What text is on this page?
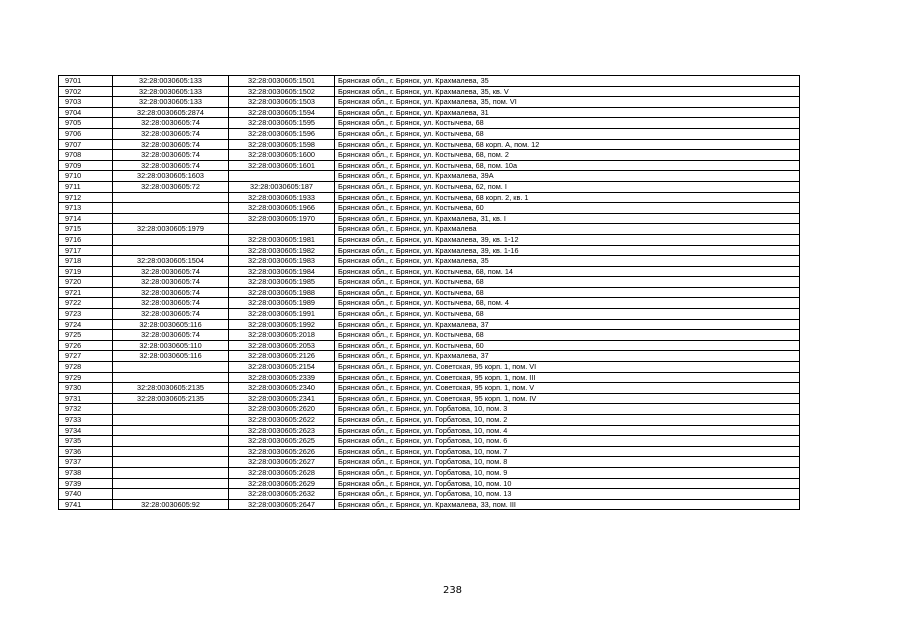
9701	32:28:0030605:133	32:28:0030605:1501	Брянская обл., г. Брянск, ул. Крахмалева, 35
9702	32:28:0030605:133	32:28:0030605:1502	Брянская обл., г. Брянск, ул. Крахмалева, 35, кв. V
9703	32:28:0030605:133	32:28:0030605:1503	Брянская обл., г. Брянск, ул. Крахмалева, 35, пом. VI
9704	32:28:0030605:2874	32:28:0030605:1594	Брянская обл., г. Брянск, ул. Крахмалева, 31
9705	32:28:0030605:74	32:28:0030605:1595	Брянская обл., г. Брянск, ул. Костычева, 68
9706	32:28:0030605:74	32:28:0030605:1596	Брянская обл., г. Брянск, ул. Костычева, 68
9707	32:28:0030605:74	32:28:0030605:1598	Брянская обл., г. Брянск, ул. Костычева, 68 корп. А, пом. 12
9708	32:28:0030605:74	32:28:0030605:1600	Брянская обл., г. Брянск, ул. Костычева, 68, пом. 2
9709	32:28:0030605:74	32:28:0030605:1601	Брянская обл., г. Брянск, ул. Костычева, 68, пом. 10а
9710	32:28:0030605:1603		Брянская обл., г. Брянск, ул. Крахмалева, 39А
9711	32:28:0030605:72	32:28:0030605:187	Брянская обл., г. Брянск, ул. Костычева, 62, пом. I
9712		32:28:0030605:1933	Брянская обл., г. Брянск, ул. Костычева, 68 корп. 2, кв. 1
9713		32:28:0030605:1966	Брянская обл., г. Брянск, ул. Костычева, 60
9714		32:28:0030605:1970	Брянская обл., г. Брянск, ул. Крахмалева, 31, кв. I
9715	32:28:0030605:1979		Брянская обл., г. Брянск, ул. Крахмалева
9716		32:28:0030605:1981	Брянская обл., г. Брянск, ул. Крахмалева, 39, кв. 1-12
9717		32:28:0030605:1982	Брянская обл., г. Брянск, ул. Крахмалева, 39, кв. 1-16
9718	32:28:0030605:1504	32:28:0030605:1983	Брянская обл., г. Брянск, ул. Крахмалева, 35
9719	32:28:0030605:74	32:28:0030605:1984	Брянская обл., г. Брянск, ул. Костычева, 68, пом. 14
9720	32:28:0030605:74	32:28:0030605:1985	Брянская обл., г. Брянск, ул. Костычева, 68
9721	32:28:0030605:74	32:28:0030605:1988	Брянская обл., г. Брянск, ул. Костычева, 68
9722	32:28:0030605:74	32:28:0030605:1989	Брянская обл., г. Брянск, ул. Костычева, 68, пом. 4
9723	32:28:0030605:74	32:28:0030605:1991	Брянская обл., г. Брянск, ул. Костычева, 68
9724	32:28:0030605:116	32:28:0030605:1992	Брянская обл., г. Брянск, ул. Крахмалева, 37
9725	32:28:0030605:74	32:28:0030605:2018	Брянская обл., г. Брянск, ул. Костычева, 68
9726	32:28:0030605:110	32:28:0030605:2053	Брянская обл., г. Брянск, ул. Костычева, 60
9727	32:28:0030605:116	32:28:0030605:2126	Брянская обл., г. Брянск, ул. Крахмалева, 37
9728		32:28:0030605:2154	Брянская обл., г. Брянск, ул. Советская, 95 корп. 1, пом. VI
9729		32:28:0030605:2339	Брянская обл., г. Брянск, ул. Советская, 95 корп. 1, пом. III
9730	32:28:0030605:2135	32:28:0030605:2340	Брянская обл., г. Брянск, ул. Советская, 95 корп. 1, пом. V
9731	32:28:0030605:2135	32:28:0030605:2341	Брянская обл., г. Брянск, ул. Советская, 95 корп. 1, пом. IV
9732		32:28:0030605:2620	Брянская обл., г. Брянск, ул. Горбатова, 10, пом. 3
9733		32:28:0030605:2622	Брянская обл., г. Брянск, ул. Горбатова, 10, пом. 2
9734		32:28:0030605:2623	Брянская обл., г. Брянск, ул. Горбатова, 10, пом. 4
9735		32:28:0030605:2625	Брянская обл., г. Брянск, ул. Горбатова, 10, пом. 6
9736		32:28:0030605:2626	Брянская обл., г. Брянск, ул. Горбатова, 10, пом. 7
9737		32:28:0030605:2627	Брянская обл., г. Брянск, ул. Горбатова, 10, пом. 8
9738		32:28:0030605:2628	Брянская обл., г. Брянск, ул. Горбатова, 10, пом. 9
9739		32:28:0030605:2629	Брянская обл., г. Брянск, ул. Горбатова, 10, пом. 10
9740		32:28:0030605:2632	Брянская обл., г. Брянск, ул. Горбатова, 10, пом. 13
9741	32:28:0030605:92	32:28:0030605:2647	Брянская обл., г. Брянск, ул. Крахмалева, 33, пом. III
238
